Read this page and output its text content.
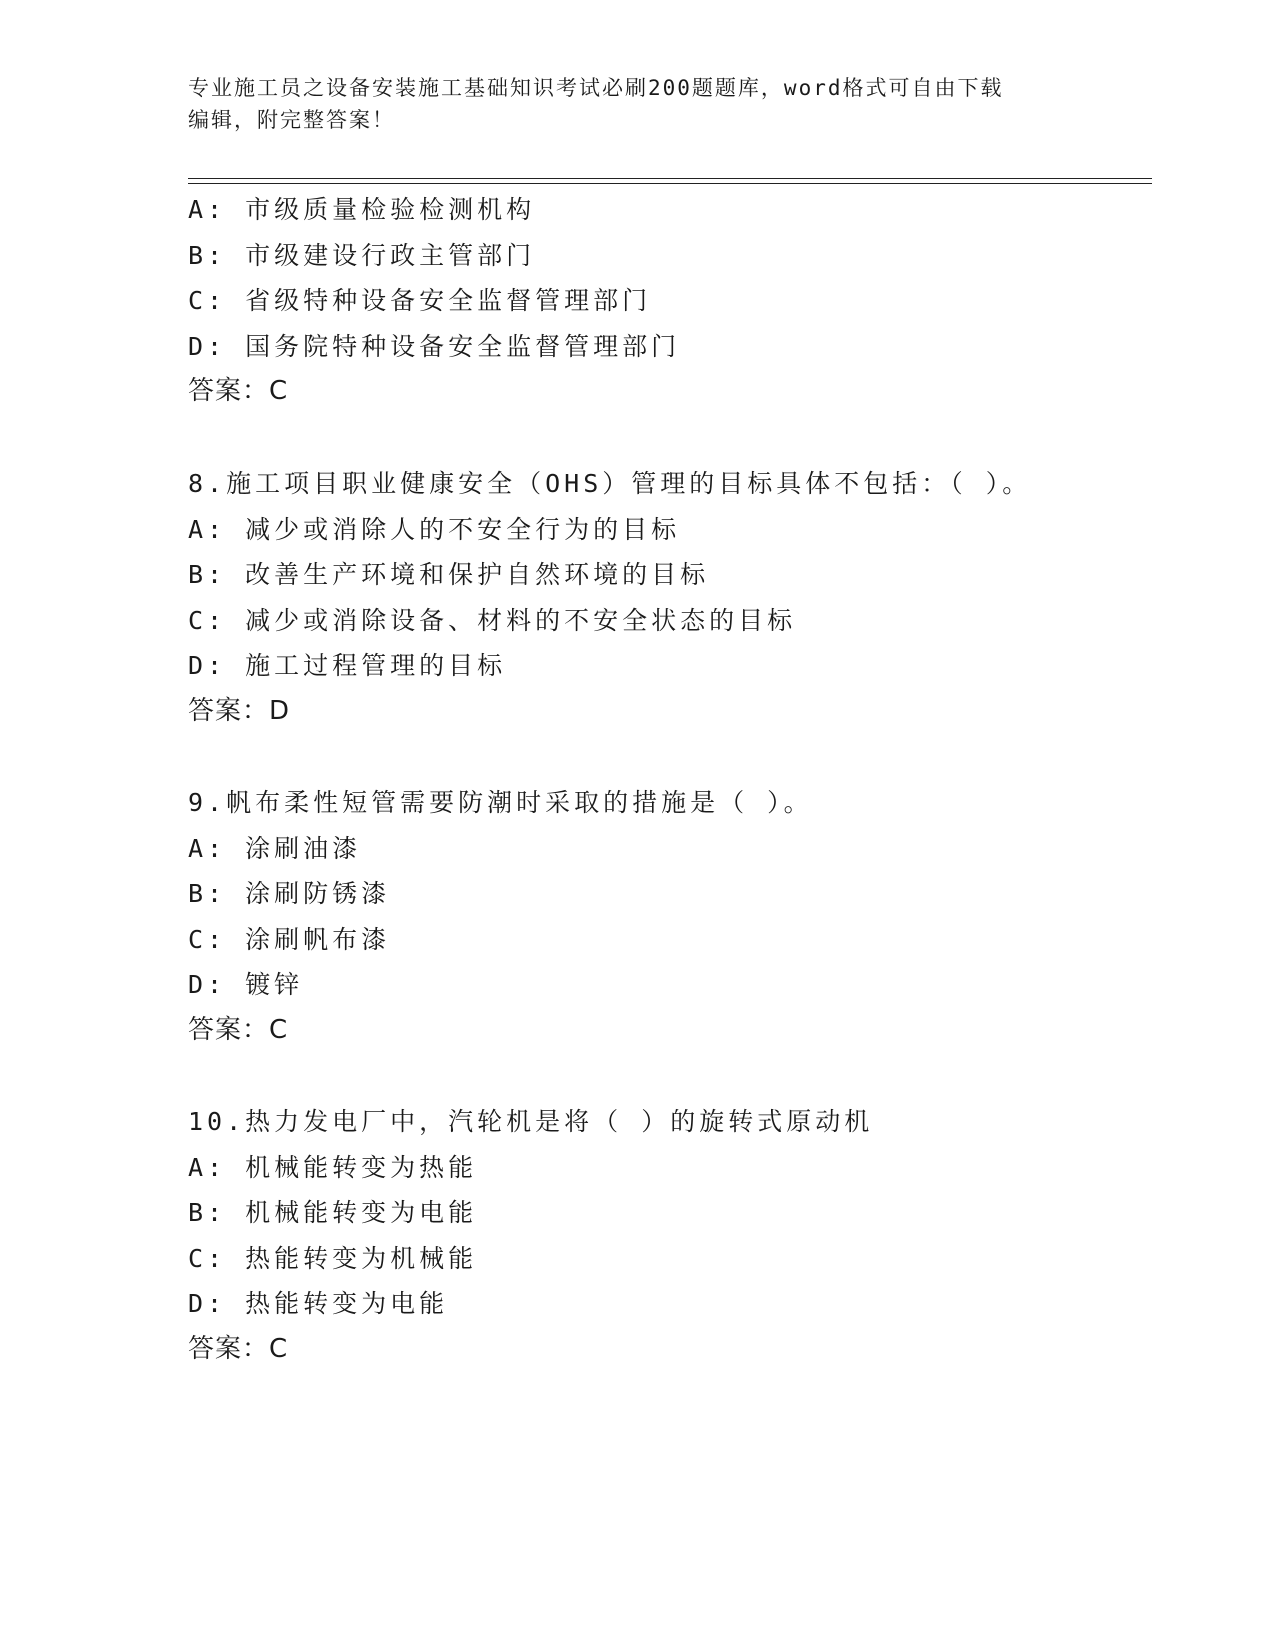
专业施工员之设备安装施工基础知识考试必刷200题题库，word格式可自由下载
编辑，附完整答案！
A: 市级质量检验检测机构
B: 市级建设行政主管部门
C: 省级特种设备安全监督管理部门
D: 国务院特种设备安全监督管理部门
答案：C
8.施工项目职业健康安全（OHS）管理的目标具体不包括：（ ）。
A: 减少或消除人的不安全行为的目标
B: 改善生产环境和保护自然环境的目标
C: 减少或消除设备、材料的不安全状态的目标
D: 施工过程管理的目标
答案：D
9.帆布柔性短管需要防潮时采取的措施是（ ）。
A: 涂刷油漆
B: 涂刷防锈漆
C: 涂刷帆布漆
D: 镀锌
答案：C
10.热力发电厂中，汽轮机是将（ ）的旋转式原动机
A: 机械能转变为热能
B: 机械能转变为电能
C: 热能转变为机械能
D: 热能转变为电能
答案：C
